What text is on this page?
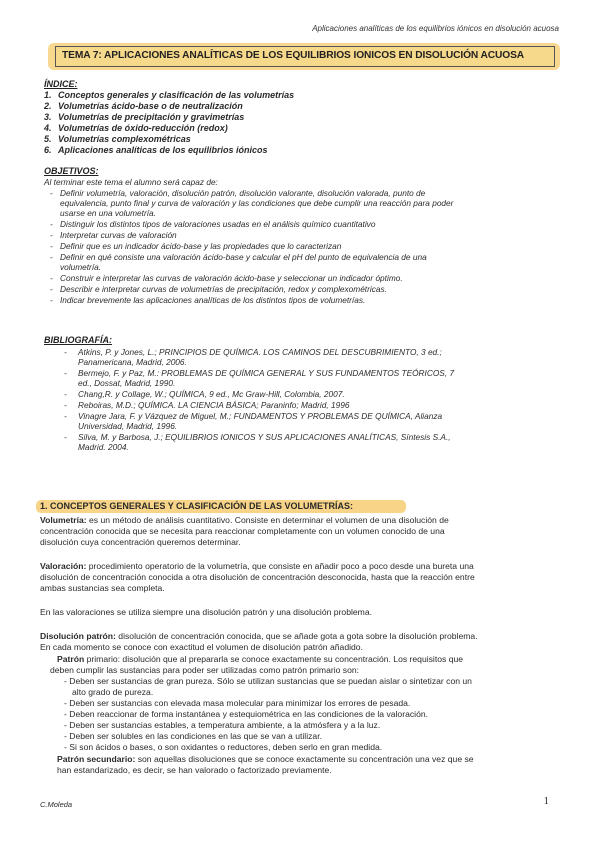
Aplicaciones analíticas de los equilibrios iónicos en disolución acuosa
TEMA 7: APLICACIONES ANALÍTICAS DE LOS EQUILIBRIOS IONICOS EN DISOLUCIÓN ACUOSA
ÍNDICE:
1. Conceptos generales y clasificación de las volumetrías
2. Volumetrías ácido-base o de neutralización
3. Volumetrías de precipitación y gravimetrías
4. Volumetrías de óxido-reducción (redox)
5. Volumetrías complexométricas
6. Aplicaciones analíticas de los equilibrios iónicos
OBJETIVOS:
Al terminar este tema el alumno será capaz de:
- Definir volumetría, valoración, disolución patrón, disolución valorante, disolución valorada, punto de
equivalencia, punto final y curva de valoración y las condiciones que debe cumplir una reacción para poder
usarse en una volumetría.
- Distinguir los distintos tipos de valoraciones usadas en el análisis químico cuantitativo
- Interpretar curvas de valoración
- Definir que es un indicador ácido-base y las propiedades que lo caracterizan
- Definir en qué consiste una valoración ácido-base y calcular el pH del punto de equivalencia de una
volumetría.
- Construir e interpretar las curvas de valoración ácido-base y seleccionar un indicador óptimo.
- Describir e interpretar curvas de volumetrías de precipitación, redox y complexométricas.
- Indicar brevemente las aplicaciones analíticas de los distintos tipos de volumetrías.
BIBLIOGRAFÍA:
- Atkins, P. y Jones, L.; PRINCIPIOS DE QUÍMICA. LOS CAMINOS DEL DESCUBRIMIENTO, 3 ed.;
Panamericana, Madrid, 2006.
- Bermejo, F. y Paz, M.: PROBLEMAS DE QUÍMICA GENERAL Y SUS FUNDAMENTOS TEÓRICOS, 7
ed., Dossat, Madrid, 1990.
- Chang,R. y Collage, W.; QUÍMICA, 9 ed., Mc Graw-Hill, Colombia, 2007.
- Reboiras, M.D.; QUÍMICA. LA CIENCIA BÁSICA; Paraninfo; Madrid, 1996
- Vinagre Jara, F. y Vázquez de Miguel, M.; FUNDAMENTOS Y PROBLEMAS DE QUÍMICA, Alianza
Universidad, Madrid, 1996.
- Silva, M. y Barbosa, J.; EQUILIBRIOS IONICOS Y SUS APLICACIONES ANALÍTICAS, Síntesis S.A.,
Madrid. 2004.
1. CONCEPTOS GENERALES Y CLASIFICACIÓN DE LAS VOLUMETRÍAS:
Volumetría: es un método de análisis cuantitativo. Consiste en determinar el volumen de una disolución de
concentración conocida que se necesita para reaccionar completamente con un volumen conocido de una
disolución cuya concentración queremos determinar.
Valoración: procedimiento operatorio de la volumetría, que consiste en añadir poco a poco desde una bureta una
disolución de concentración conocida a otra disolución de concentración desconocida, hasta que la reacción entre
ambas sustancias sea completa.
En las valoraciones se utiliza siempre una disolución patrón y una disolución problema.
Disolución patrón: disolución de concentración conocida, que se añade gota a gota sobre la disolución problema.
En cada momento se conoce con exactitud el volumen de disolución patrón añadido.
Patrón primario: disolución que al prepararla se conoce exactamente su concentración. Los requisitos que
deben cumplir las sustancias para poder ser utilizadas como patrón primario son:
- Deben ser sustancias de gran pureza. Sólo se utilizan sustancias que se puedan aislar o sintetizar con un
alto grado de pureza.
- Deben ser sustancias con elevada masa molecular para minimizar los errores de pesada.
- Deben reaccionar de forma instantánea y estequiométrica en las condiciones de la valoración.
- Deben ser sustancias estables, a temperatura ambiente, a la atmósfera y a la luz.
- Deben ser solubles en las condiciones en las que se van a utilizar.
- Si son ácidos o bases, o son oxidantes o reductores, deben serlo en gran medida.
Patrón secundario: son aquellas disoluciones que se conoce exactamente su concentración una vez que se
han estandarizado, es decir, se han valorado o factorizado previamente.
C.Moleda	1
